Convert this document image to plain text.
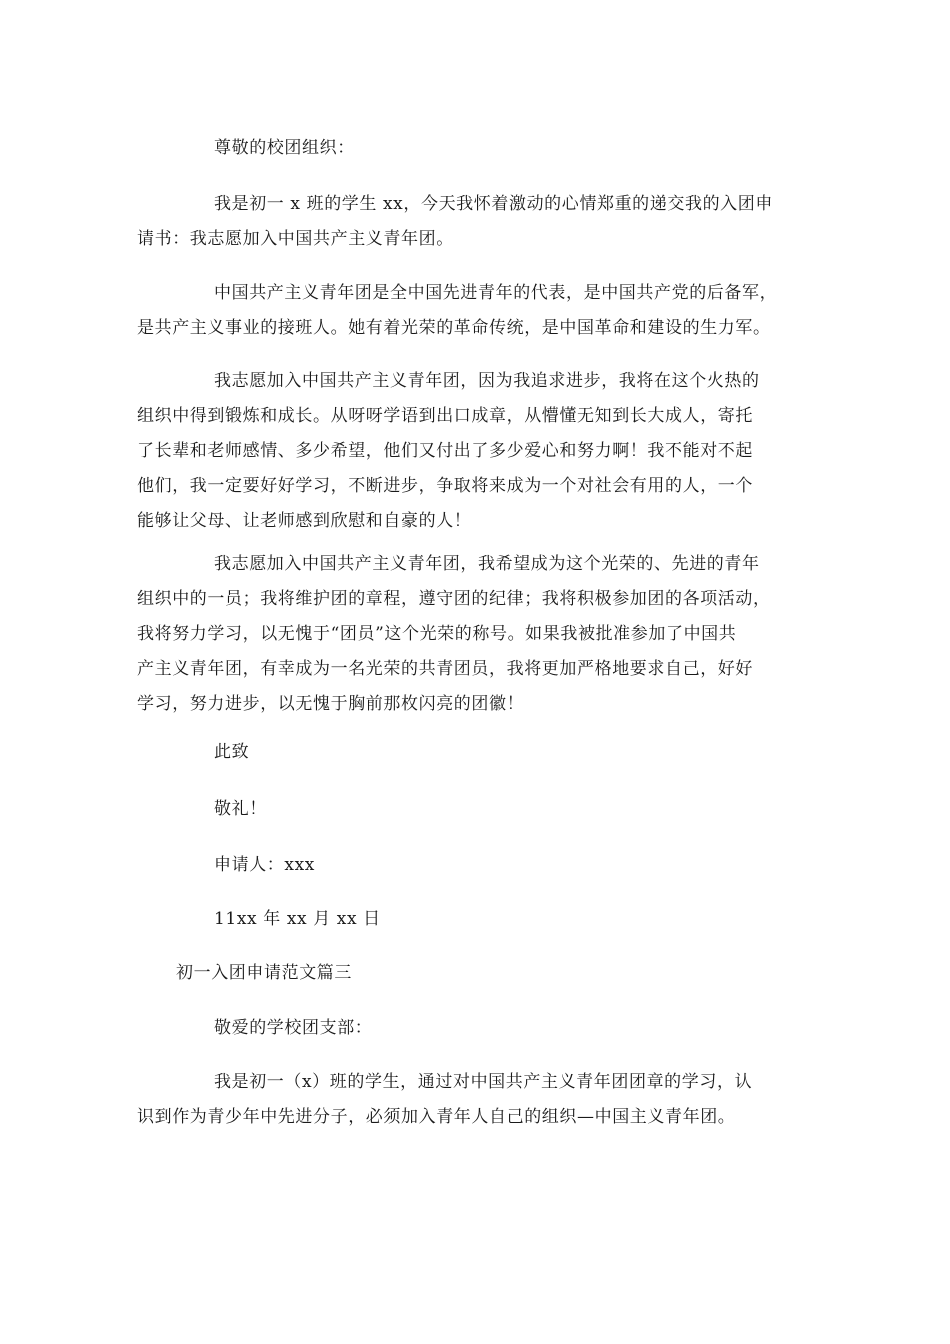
尊敬的校团组织：
我是初一 x 班的学生 xx，今天我怀着激动的心情郑重的递交我的入团申
请书：我志愿加入中国共产主义青年团。
中国共产主义青年团是全中国先进青年的代表，是中国共产党的后备军，
是共产主义事业的接班人。她有着光荣的革命传统，是中国革命和建设的生力军。
我志愿加入中国共产主义青年团，因为我追求进步，我将在这个火热的
组织中得到锻炼和成长。从呀呀学语到出口成章，从懵懂无知到长大成人，寄托
了长辈和老师感情、多少希望，他们又付出了多少爱心和努力啊！我不能对不起
他们，我一定要好好学习，不断进步，争取将来成为一个对社会有用的人，一个
能够让父母、让老师感到欣慰和自豪的人！
我志愿加入中国共产主义青年团，我希望成为这个光荣的、先进的青年
组织中的一员；我将维护团的章程，遵守团的纪律；我将积极参加团的各项活动，
我将努力学习，以无愧于“团员”这个光荣的称号。如果我被批准参加了中国共
产主义青年团，有幸成为一名光荣的共青团员，我将更加严格地要求自己，好好
学习，努力进步，以无愧于胸前那枚闪亮的团徽！
此致
敬礼！
申请人：xxx
11xx 年 xx 月 xx 日
初一入团申请范文篇三
敬爱的学校团支部：
我是初一（x）班的学生，通过对中国共产主义青年团团章的学习，认
识到作为青少年中先进分子，必须加入青年人自己的组织—中国主义青年团。
